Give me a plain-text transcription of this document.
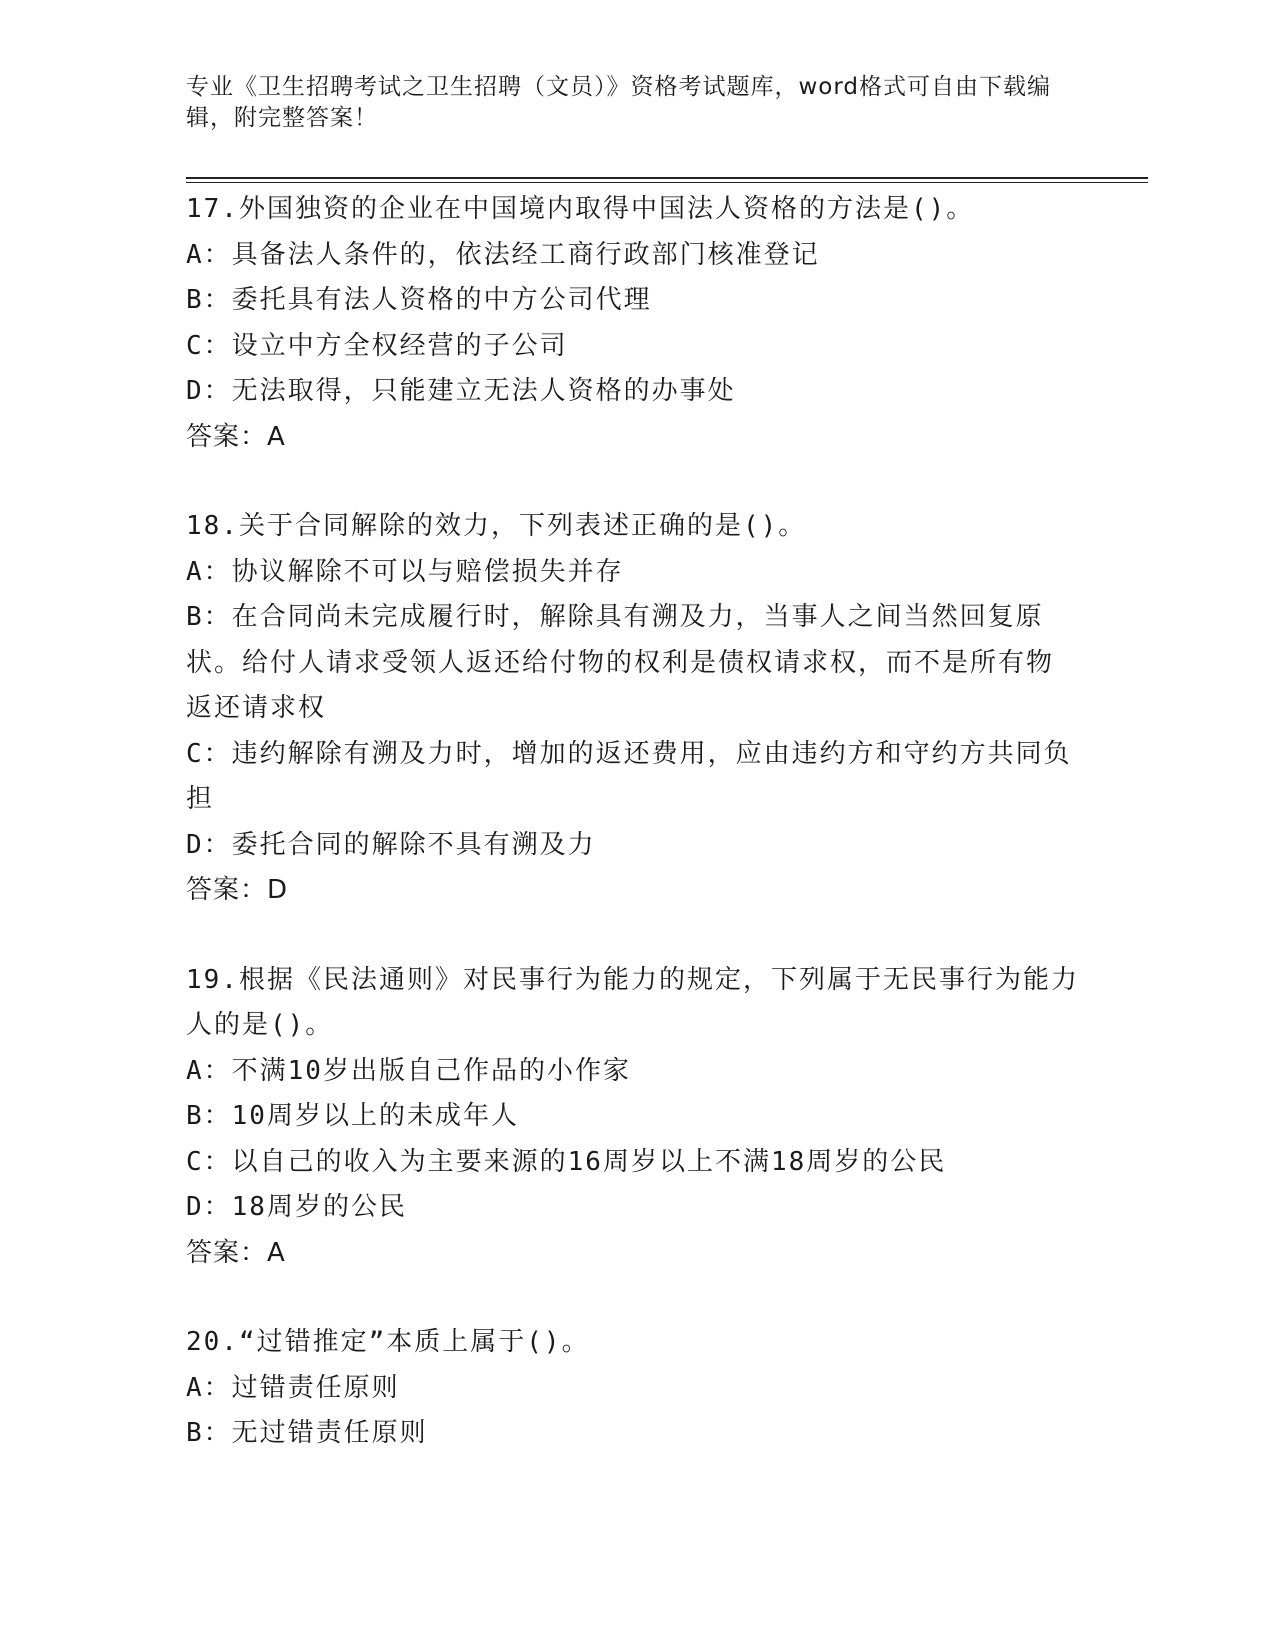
专业《卫生招聘考试之卫生招聘（文员）》资格考试题库，word格式可自由下载编辑，附完整答案！
17.外国独资的企业在中国境内取得中国法人资格的方法是()。
A：具备法人条件的，依法经工商行政部门核准登记
B：委托具有法人资格的中方公司代理
C：设立中方全权经营的子公司
D：无法取得，只能建立无法人资格的办事处
答案：A
18.关于合同解除的效力，下列表述正确的是()。
A：协议解除不可以与赔偿损失并存
B：在合同尚未完成履行时，解除具有溯及力，当事人之间当然回复原状。给付人请求受领人返还给付物的权利是债权请求权，而不是所有物返还请求权
C：违约解除有溯及力时，增加的返还费用，应由违约方和守约方共同负担
D：委托合同的解除不具有溯及力
答案：D
19.根据《民法通则》对民事行为能力的规定，下列属于无民事行为能力人的是()。
A：不满10岁出版自己作品的小作家
B：10周岁以上的未成年人
C：以自己的收入为主要来源的16周岁以上不满18周岁的公民
D：18周岁的公民
答案：A
20.“过错推定”本质上属于()。
A：过错责任原则
B：无过错责任原则
